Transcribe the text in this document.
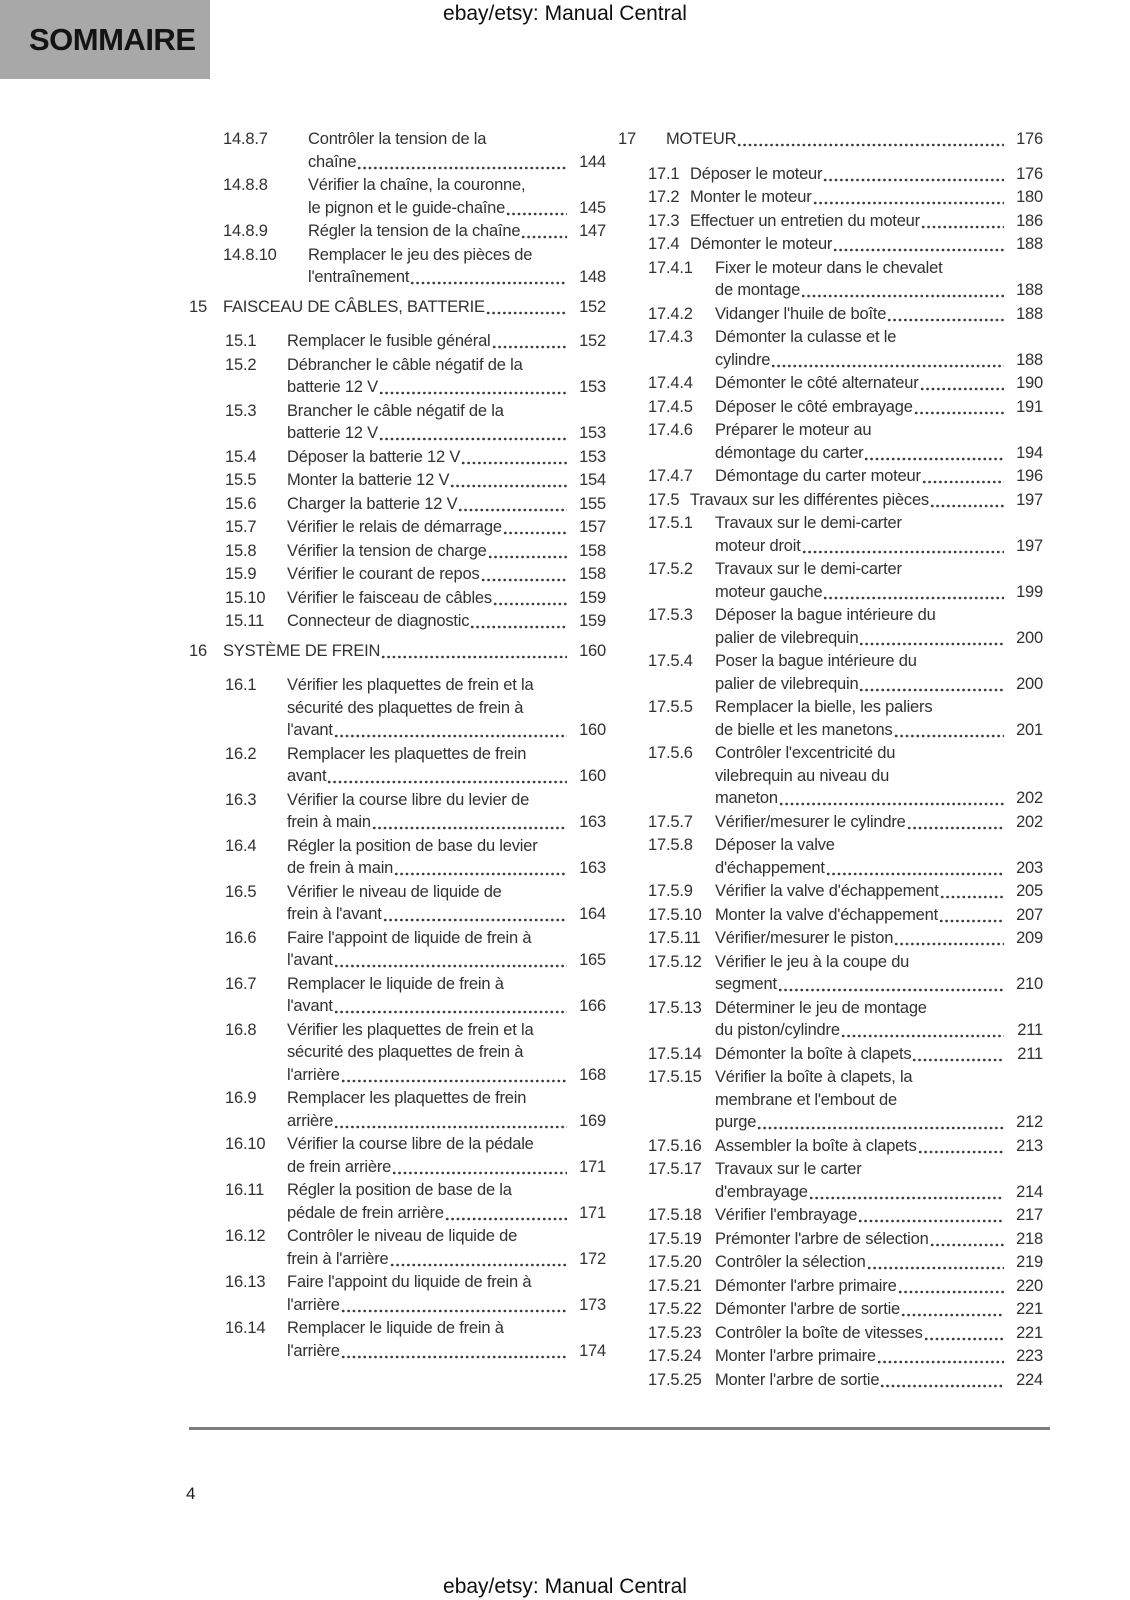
ebay/etsy: Manual Central
SOMMAIRE
14.8.7	Contrôler la tension de la
chaîne	144
14.8.8	Vérifier la chaîne, la couronne,
le pignon et le guide-chaîne	145
14.8.9	Régler la tension de la chaîne	147
14.8.10	Remplacer le jeu des pièces de
l'entraînement	148
15 FAISCEAU DE CÂBLES, BATTERIE	152
15.1	Remplacer le fusible général	152
15.2	Débrancher le câble négatif de la
batterie 12 V	153
15.3	Brancher le câble négatif de la
batterie 12 V	153
15.4	Déposer la batterie 12 V	153
15.5	Monter la batterie 12 V	154
15.6	Charger la batterie 12 V	155
15.7	Vérifier le relais de démarrage	157
15.8	Vérifier la tension de charge	158
15.9	Vérifier le courant de repos	158
15.10	Vérifier le faisceau de câbles	159
15.11	Connecteur de diagnostic	159
16 SYSTÈME DE FREIN	160
16.1	Vérifier les plaquettes de frein et la
sécurité des plaquettes de frein à
l'avant	160
16.2	Remplacer les plaquettes de frein
avant	160
16.3	Vérifier la course libre du levier de
frein à main	163
16.4	Régler la position de base du levier
de frein à main	163
16.5	Vérifier le niveau de liquide de
frein à l'avant	164
16.6	Faire l'appoint de liquide de frein à
l'avant	165
16.7	Remplacer le liquide de frein à
l'avant	166
16.8	Vérifier les plaquettes de frein et la
sécurité des plaquettes de frein à
l'arrière	168
16.9	Remplacer les plaquettes de frein
arrière	169
16.10	Vérifier la course libre de la pédale
de frein arrière	171
16.11	Régler la position de base de la
pédale de frein arrière	171
16.12	Contrôler le niveau de liquide de
frein à l'arrière	172
16.13	Faire l'appoint du liquide de frein à
l'arrière	173
16.14	Remplacer le liquide de frein à
l'arrière	174
17	MOTEUR	176
17.1 Déposer le moteur	176
17.2 Monter le moteur	180
17.3 Effectuer un entretien du moteur	186
17.4 Démonter le moteur	188
17.4.1	Fixer le moteur dans le chevalet
de montage	188
17.4.2	Vidanger l'huile de boîte	188
17.4.3	Démonter la culasse et le
cylindre	188
17.4.4	Démonter le côté alternateur	190
17.4.5	Déposer le côté embrayage	191
17.4.6	Préparer le moteur au
démontage du carter	194
17.4.7	Démontage du carter moteur	196
17.5 Travaux sur les différentes pièces	197
17.5.1	Travaux sur le demi-carter
moteur droit	197
17.5.2	Travaux sur le demi-carter
moteur gauche	199
17.5.3	Déposer la bague intérieure du
palier de vilebrequin	200
17.5.4	Poser la bague intérieure du
palier de vilebrequin	200
17.5.5	Remplacer la bielle, les paliers
de bielle et les manetons	201
17.5.6	Contrôler l'excentricité du
vilebrequin au niveau du
maneton	202
17.5.7	Vérifier/mesurer le cylindre	202
17.5.8	Déposer la valve
d'échappement	203
17.5.9	Vérifier la valve d'échappement	205
17.5.10 Monter la valve d'échappement	207
17.5.11 Vérifier/mesurer le piston	209
17.5.12 Vérifier le jeu à la coupe du
segment	210
17.5.13 Déterminer le jeu de montage
du piston/cylindre	211
17.5.14 Démonter la boîte à clapets	211
17.5.15 Vérifier la boîte à clapets, la
membrane et l'embout de
purge	212
17.5.16 Assembler la boîte à clapets	213
17.5.17 Travaux sur le carter
d'embrayage	214
17.5.18 Vérifier l'embrayage	217
17.5.19 Prémonter l'arbre de sélection	218
17.5.20 Contrôler la sélection	219
17.5.21 Démonter l'arbre primaire	220
17.5.22 Démonter l'arbre de sortie	221
17.5.23 Contrôler la boîte de vitesses	221
17.5.24 Monter l'arbre primaire	223
17.5.25 Monter l'arbre de sortie	224
4
ebay/etsy: Manual Central
